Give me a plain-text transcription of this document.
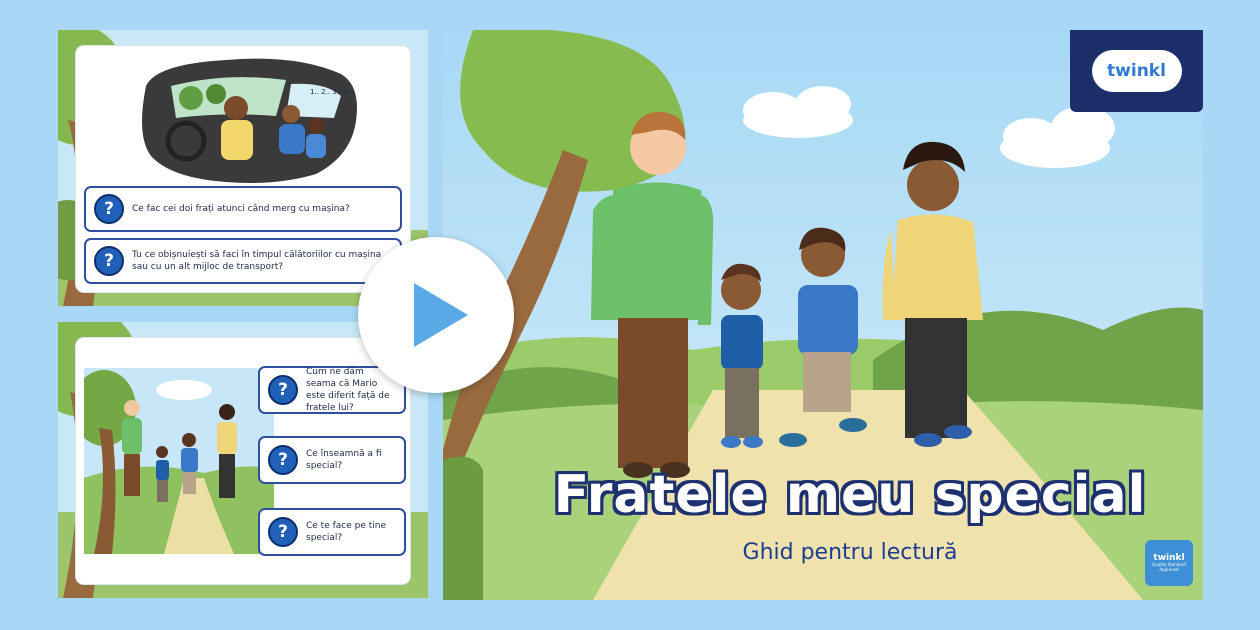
1.. 2.. 3.. 4..
?	Ce fac cei doi frați atunci când merg cu mașina?
?	Tu ce obișnuiești să faci în timpul călătoriilor cu mașina sau cu un alt mijloc de transport?
?
Cum ne dăm seama că Mario este diferit față de fratele lui?
?	Ce înseamnă a fi special?
?	Ce te face pe tine special?
twinkl
twinkl
Quality Standard Approved
Fratele meu special
Ghid pentru lectură
